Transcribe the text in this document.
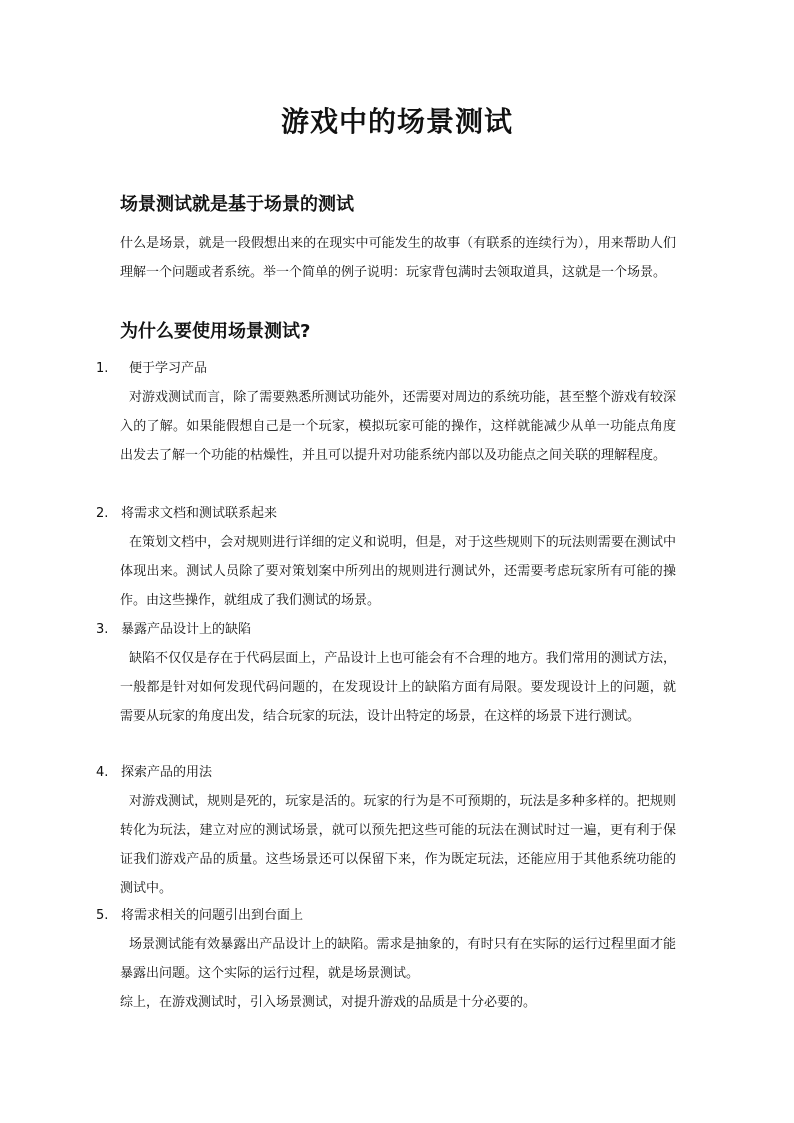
游戏中的场景测试
场景测试就是基于场景的测试

什么是场景，就是一段假想出来的在现实中可能发生的故事（有联系的连续行为），用来帮助人们理解一个问题或者系统。举一个简单的例子说明：玩家背包满时去领取道具，这就是一个场景。

为什么要使用场景测试?
1. 便于学习产品

对游戏测试而言，除了需要熟悉所测试功能外，还需要对周边的系统功能，甚至整个游戏有较深入的了解。如果能假想自己是一个玩家，模拟玩家可能的操作，这样就能减少从单一功能点角度出发去了解一个功能的枯燥性，并且可以提升对功能系统内部以及功能点之间关联的理解程度。

2. 将需求文档和测试联系起来

在策划文档中，会对规则进行详细的定义和说明，但是，对于这些规则下的玩法则需要在测试中体现出来。测试人员除了要对策划案中所列出的规则进行测试外，还需要考虑玩家所有可能的操作。由这些操作，就组成了我们测试的场景。

3. 暴露产品设计上的缺陷

缺陷不仅仅是存在于代码层面上，产品设计上也可能会有不合理的地方。我们常用的测试方法，一般都是针对如何发现代码问题的，在发现设计上的缺陷方面有局限。要发现设计上的问题，就需要从玩家的角度出发，结合玩家的玩法，设计出特定的场景，在这样的场景下进行测试。

4. 探索产品的用法

对游戏测试，规则是死的，玩家是活的。玩家的行为是不可预期的，玩法是多种多样的。把规则转化为玩法，建立对应的测试场景，就可以预先把这些可能的玩法在测试时过一遍，更有利于保证我们游戏产品的质量。这些场景还可以保留下来，作为既定玩法，还能应用于其他系统功能的测试中。

5. 将需求相关的问题引出到台面上

场景测试能有效暴露出产品设计上的缺陷。需求是抽象的，有时只有在实际的运行过程里面才能暴露出问题。这个实际的运行过程，就是场景测试。

综上，在游戏测试时，引入场景测试，对提升游戏的品质是十分必要的。
